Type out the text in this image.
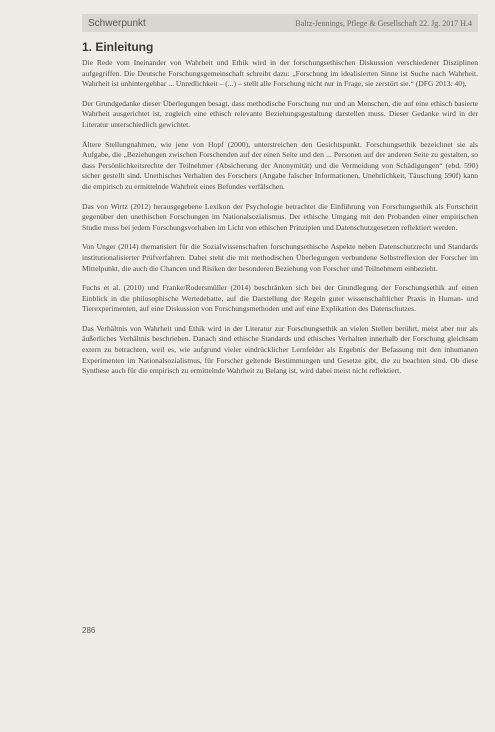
Schwerpunkt	Baltz-Jennings, Pflege & Gesellschaft 22. Jg. 2017 H.4
1. Einleitung

Die Rede vom Ineinander von Wahrheit und Ethik wird in der forschungsethischen Diskussion verschiedener Disziplinen aufgegriffen. Die Deutsche Forschungsgemeinschaft schreibt dazu: „Forschung im idealisierten Sinne ist Suche nach Wahrheit. Wahrheit ist unhintergehbar ... Unredlichkeit – (...) – stellt alle Forschung nicht nur in Frage, sie zerstört sie.“ (DFG 2013: 40).

Der Grundgedanke dieser Überlegungen besagt, dass methodische Forschung nur und an Menschen, die auf eine ethisch basierte Wahrheit ausgerichtet ist, zugleich eine ethisch relevante Beziehungsgestaltung darstellen muss. Dieser Gedanke wird in der Literatur unterschiedlich gewichtet.

Ältere Stellungnahmen, wie jene von Hopf (2000), unterstreichen den Gesichtspunkt. Forschungsethik bezeichnet sie als Aufgabe, die „Beziehungen zwischen Forschenden auf der einen Seite und den ... Personen auf der anderen Seite zu gestalten, so dass Persönlichkeitsrechte der Teilnehmer (Absicherung der Anonymität) und die Vermeidung von Schädigungen“ (ebd. 590) sicher gestellt sind. Unethisches Verhalten des Forschers (Angabe falscher Informationen, Unehrlichkeit, Täuschung 590f) kann die empirisch zu ermittelnde Wahrheit eines Befundes verfälschen.

Das von Wirtz (2012) herausgegebene Lexikon der Psychologie betrachtet die Einführung von Forschungsethik als Fortschritt gegenüber den unethischen Forschungen im Nationalsozialismus. Der ethische Umgang mit den Probanden einer empirischen Studie muss bei jedem Forschungsvorhaben im Licht von ethischen Prinzipien und Datenschutzgesetzen reflektiert werden.

Von Unger (2014) thematisiert für die Sozialwissenschaften forschungsethische Aspekte neben Datenschutzrecht und Standards institutionalisierter Prüfverfahren. Dabei steht die mit methodischen Überlegungen verbundene Selbstreflexion der Forscher im Mittelpunkt, die auch die Chancen und Risiken der besonderen Beziehung von Forscher und Teilnehmern einbezieht.

Fuchs et al. (2010) und Franke/Rodersmüller (2014) beschränken sich bei der Grundlegung der Forschungsethik auf einen Einblick in die philosophische Wertedebatte, auf die Darstellung der Regeln guter wissenschaftlicher Praxis in Human- und Tierexperimenten, auf eine Diskussion von Forschungsmethoden und auf eine Explikation des Datenschutzes.

Das Verhältnis von Wahrheit und Ethik wird in der Literatur zur Forschungsethik an vielen Stellen berührt, meist aber nur als äußerliches Verhältnis beschrieben. Danach sind ethische Standards und ethisches Verhalten innerhalb der Forschung gleichsam extern zu betrachten, weil es, wie aufgrund vieler eindrücklicher Lernfelder als Ergebnis der Befassung mit den inhumanen Experimenten im Nationalsozialismus, für Forscher geltende Bestimmungen und Gesetze gibt, die zu beachten sind. Ob diese Synthese auch für die empirisch zu ermittelnde Wahrheit zu Belang ist, wird dabei meist nicht reflektiert.

286
